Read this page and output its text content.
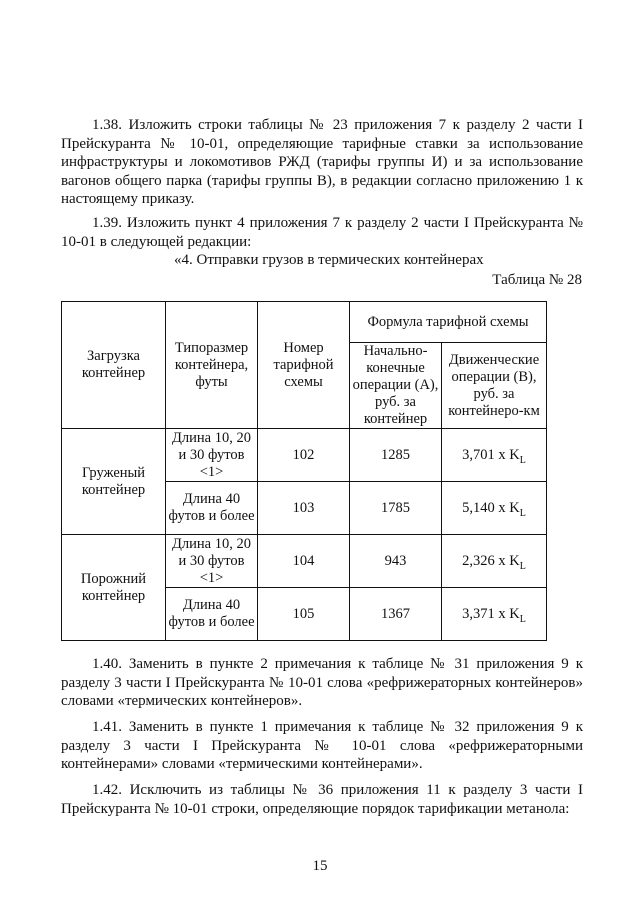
1.38. Изложить строки таблицы № 23 приложения 7 к разделу 2 части I Прейскуранта № 10-01, определяющие тарифные ставки за использование инфраструктуры и локомотивов РЖД (тарифы группы И) и за использование вагонов общего парка (тарифы группы В), в редакции согласно приложению 1 к настоящему приказу.

1.39. Изложить пункт 4 приложения 7 к разделу 2 части I Прейскуранта № 10-01 в следующей редакции:

«4. Отправки грузов в термических контейнерах
Таблица № 28
Загрузка контейнер	Типоразмер контейнера, футы	Номер тарифной схемы	Формула тарифной схемы	
			Начально-конечные операции (А), руб. за контейнер	Движенческие операции (В), руб. за контейнеро-км
Груженый контейнер	Длина 10, 20 и 30 футов <1>	102	1285	3,701 x $K_L$
	Длина 40 футов и более	103	1785	5,140 x $K_L$
Порожний контейнер	Длина 10, 20 и 30 футов <1>	104	943	2,326 x $K_L$
	Длина 40 футов и более	105	1367	3,371 x $K_L$

1.40. Заменить в пункте 2 примечания к таблице № 31 приложения 9 к разделу 3 части I Прейскуранта № 10-01 слова «рефрижераторных контейнеров» словами «термических контейнеров».

1.41. Заменить в пункте 1 примечания к таблице № 32 приложения 9 к разделу 3 части I Прейскуранта № 10-01 слова «рефрижераторными контейнерами» словами «термическими контейнерами».

1.42. Исключить из таблицы № 36 приложения 11 к разделу 3 части I Прейскуранта № 10-01 строки, определяющие порядок тарификации метанола:

15
